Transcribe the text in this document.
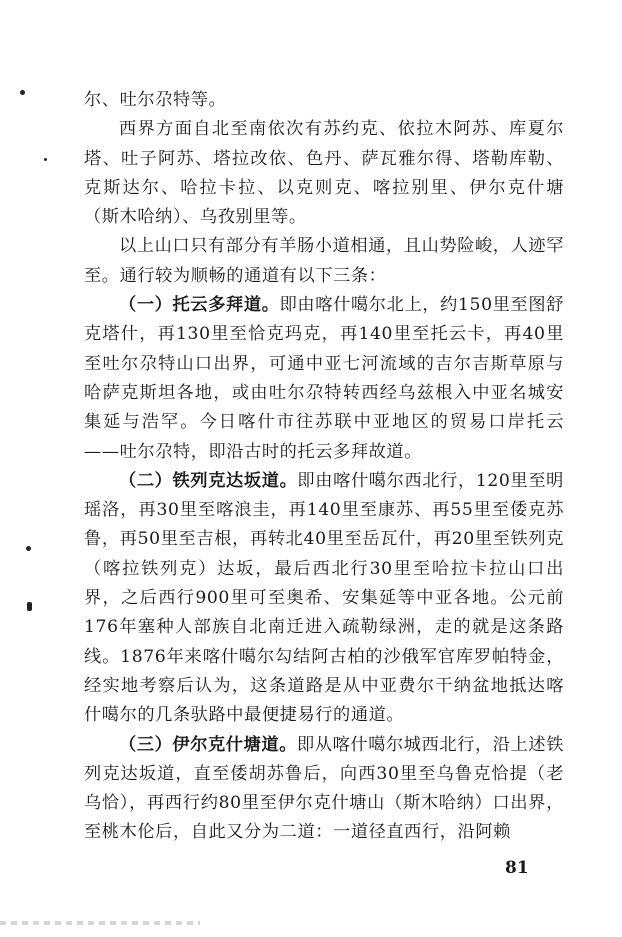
尔、吐尔尕特等。

西界方面自北至南依次有苏约克、依拉木阿苏、库夏尔塔、吐子阿苏、塔拉改依、色丹、萨瓦雅尔得、塔勒库勒、克斯达尔、哈拉卡拉、以克则克、喀拉别里、伊尔克什塘（斯木哈纳）、乌孜别里等。

以上山口只有部分有羊肠小道相通，且山势险峻，人迹罕至。通行较为顺畅的通道有以下三条：

（一）托云多拜道。即由喀什噶尔北上，约150里至图舒克塔什，再130里至恰克玛克，再140里至托云卡，再40里至吐尔尕特山口出界，可通中亚七河流域的吉尔吉斯草原与哈萨克斯坦各地，或由吐尔尕特转西经乌兹根入中亚名城安集延与浩罕。今日喀什市往苏联中亚地区的贸易口岸托云——吐尔尕特，即沿古时的托云多拜故道。

（二）铁列克达坂道。即由喀什噶尔西北行，120里至明瑶洛，再30里至喀浪圭，再140里至康苏、再55里至倭克苏鲁，再50里至吉根，再转北40里至岳瓦什，再20里至铁列克（喀拉铁列克）达坂，最后西北行30里至哈拉卡拉山口出界，之后西行900里可至奥希、安集延等中亚各地。公元前176年塞种人部族自北南迁进入疏勒绿洲，走的就是这条路线。1876年来喀什噶尔勾结阿古柏的沙俄军官库罗帕特金，经实地考察后认为，这条道路是从中亚费尔干纳盆地抵达喀什噶尔的几条驮路中最便捷易行的通道。

（三）伊尔克什塘道。即从喀什噶尔城西北行，沿上述铁列克达坂道，直至倭胡苏鲁后，向西30里至乌鲁克恰提（老乌恰），再西行约80里至伊尔克什塘山（斯木哈纳）口出界，至桃木伦后，自此又分为二道：一道径直西行，沿阿赖

81
